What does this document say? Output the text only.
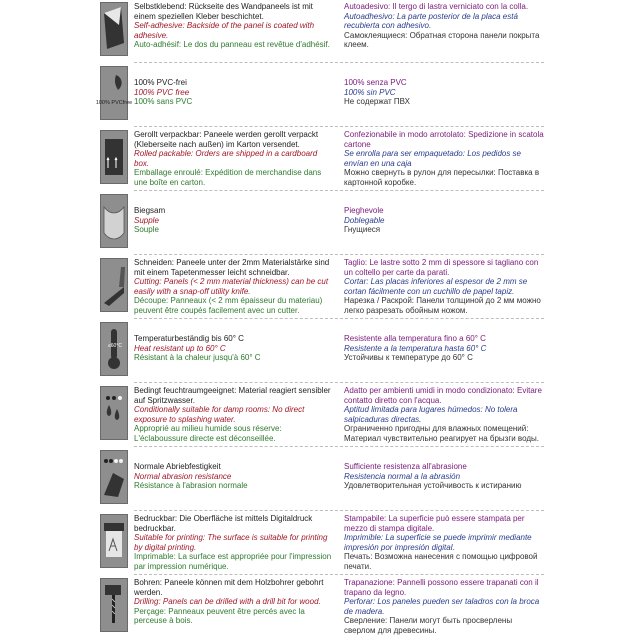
Selbstklebend: Rückseite des Wandpaneels ist mit einem speziellen Kleber beschichtet.
Self-adhesive: Backside of the panel is coated with adhesive.
Auto-adhésif: Le dos du panneau est revêtue d'adhésif.
Autoadesivo: Il tergo di lastra verniciato con la colla.
Autoadhesivo: La parte posterior de la placa está recubierta con adhesivo.
Самоклеящиеся: Обратная сторона панели покрыта клеем.
100% PVCfree
100% PVC-frei
100% PVC free
100% sans PVC
100% senza PVC
100% sin PVC
Не содержат ПВХ
Gerollt verpackbar: Paneele werden gerollt verpackt (Kleberseite nach außen) im Karton versendet.
Rolled packable: Orders are shipped in a cardboard box.
Emballage enroulé: Expédition de merchandise dans une boîte en carton.
Confezionabile in modo arrotolato: Spedizione in scatola cartone
Se enrolla para ser empaquetado: Los pedidos se envían en una caja
Можно свернуть в рулон для пересылки: Поставка в картонной коробке.
Biegsam
Supple
Souple
Pieghevole
Doblegable
Гнущиеся
Schneiden: Paneele unter der 2mm Materialstärke sind mit einem Tapetenmesser leicht schneidbar.
Cutting: Panels (< 2 mm material thickness) can be cut easily with a snap-off utility knife.
Découpe: Panneaux (< 2 mm épaisseur du materiau) peuvent être coupés facilement avec un cutter.
Taglio: Le lastre sotto 2 mm di spessore si tagliano con un coltello per carte da parati.
Cortar: Las placas inferiores al espesor de 2 mm se cortan fácilmente con un cuchillo de papel tapiz.
Нарезка / Раскрой: Панели толщиной до 2 мм можно легко разрезать обойным ножом.
≤60°C
Temperaturbeständig bis 60° C
Heat resistant up to 60° C
Résistant à la chaleur jusqu'à 60° C
Resistente alla temperatura fino a 60° C
Resistente a la temperatura hasta 60° C
Устойчивы к температуре до 60° C
Bedingt feuchtraumgeeignet: Material reagiert sensibler auf Spritzwasser.
Conditionally suitable for damp rooms: No direct exposure to splashing water.
Approprié au milieu humide sous réserve: L'éclaboussure directe est déconseillée.
Adatto per ambienti umidi in modo condizionato: Evitare contatto diretto con l'acqua.
Aptitud limitada para lugares húmedos: No tolera salpicaduras directas.
Ограниченно пригодны для влажных помещений: Материал чувствительно реагирует на брызги воды.
Normale Abriebfestigkeit
Normal abrasion resistance
Résistance à l'abrasion normale
Sufficiente resistenza all'abrasione
Resistencia normal a la abrasión
Удовлетворительная устойчивость к истиранию
Bedruckbar: Die Oberfläche ist mittels Digitaldruck bedruckbar.
Suitable for printing: The surface is suitable for printing by digital printing.
Imprimable: La surface est appropriée pour l'impression par impression numérique.
Stampabile: La superficie può essere stampata per mezzo di stampa digitale.
Imprimible: La superficie se puede imprimir mediante impresión por impresión digital.
Печать: Возможна нанесения с помощью цифровой печати.
Bohren: Paneele können mit dem Holzbohrer gebohrt werden.
Drilling: Panels can be drilled with a drill bit for wood.
Perçage: Panneaux peuvent être percés avec la perceuse à bois.
Trapanazione: Pannelli possono essere trapanati con il trapano da legno.
Perforar: Los paneles pueden ser taladros con la broca de madera.
Сверление: Панели могут быть просверлены сверлом для древесины.
